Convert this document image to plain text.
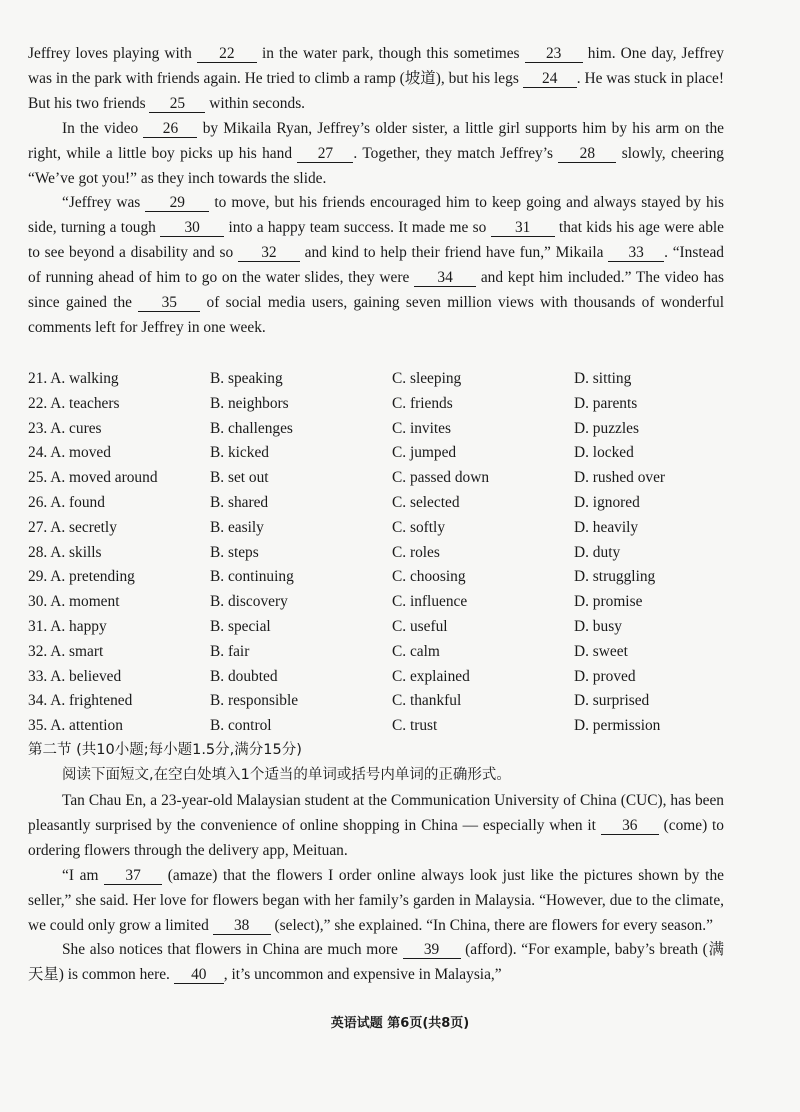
Jeffrey loves playing with 22 in the water park, though this sometimes 23 him. One day, Jeffrey was in the park with friends again. He tried to climb a ramp (坡道), but his legs 24 . He was stuck in place! But his two friends 25 within seconds.

In the video 26 by Mikaila Ryan, Jeffrey’s older sister, a little girl supports him by his arm on the right, while a little boy picks up his hand 27 . Together, they match Jeffrey’s 28 slowly, cheering “We’ve got you!” as they inch towards the slide.

“Jeffrey was 29 to move, but his friends encouraged him to keep going and always stayed by his side, turning a tough 30 into a happy team success. It made me so 31 that kids his age were able to see beyond a disability and so 32 and kind to help their friend have fun,” Mikaila 33 . “Instead of running ahead of him to go on the water slides, they were 34 and kept him included.” The video has since gained the 35 of social media users, gaining seven million views with thousands of wonderful comments left for Jeffrey in one week.

21. A. walking	B. speaking	C. sleeping	D. sitting
22. A. teachers	B. neighbors	C. friends	D. parents
23. A. cures	B. challenges	C. invites	D. puzzles
24. A. moved	B. kicked	C. jumped	D. locked
25. A. moved around	B. set out	C. passed down	D. rushed over
26. A. found	B. shared	C. selected	D. ignored
27. A. secretly	B. easily	C. softly	D. heavily
28. A. skills	B. steps	C. roles	D. duty
29. A. pretending	B. continuing	C. choosing	D. struggling
30. A. moment	B. discovery	C. influence	D. promise
31. A. happy	B. special	C. useful	D. busy
32. A. smart	B. fair	C. calm	D. sweet
33. A. believed	B. doubted	C. explained	D. proved
34. A. frightened	B. responsible	C. thankful	D. surprised
35. A. attention	B. control	C. trust	D. permission
第二节 (共10小题;每小题1.5分,满分15分)
阅读下面短文,在空白处填入1个适当的单词或括号内单词的正确形式。

Tan Chau En, a 23-year-old Malaysian student at the Communication University of China (CUC), has been pleasantly surprised by the convenience of online shopping in China — especially when it 36 (come) to ordering flowers through the delivery app, Meituan.

“I am 37 (amaze) that the flowers I order online always look just like the pictures shown by the seller,” she said. Her love for flowers began with her family’s garden in Malaysia. “However, due to the climate, we could only grow a limited 38 (select),” she explained. “In China, there are flowers for every season.”

She also notices that flowers in China are much more 39 (afford). “For example, baby’s breath (满天星) is common here. 40 , it’s uncommon and expensive in Malaysia,”

英语试题 第6页(共8页)
